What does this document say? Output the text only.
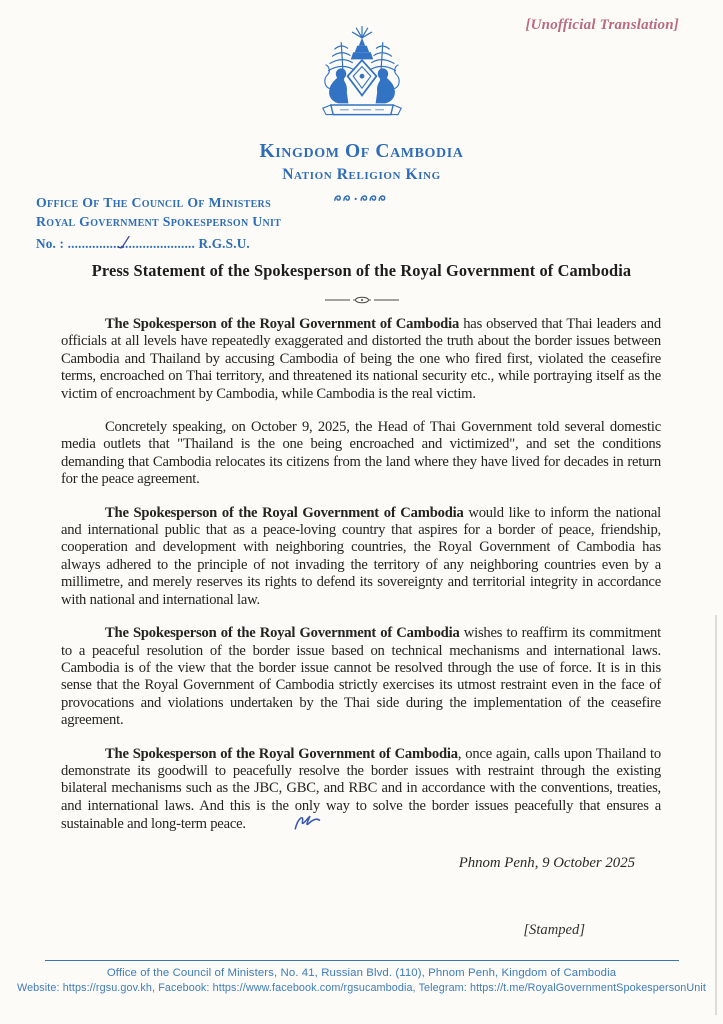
[Unofficial Translation]
Kingdom Of Cambodia
Nation Religion King
Office Of The Council Of Ministers
Royal Government Spokesperson Unit
No. : ..................................... R.G.S.U.
Press Statement of the Spokesperson of the Royal Government of Cambodia

The Spokesperson of the Royal Government of Cambodia has observed that Thai leaders and officials at all levels have repeatedly exaggerated and distorted the truth about the border issues between Cambodia and Thailand by accusing Cambodia of being the one who fired first, violated the ceasefire terms, encroached on Thai territory, and threatened its national security etc., while portraying itself as the victim of encroachment by Cambodia, while Cambodia is the real victim.

Concretely speaking, on October 9, 2025, the Head of Thai Government told several domestic media outlets that "Thailand is the one being encroached and victimized", and set the conditions demanding that Cambodia relocates its citizens from the land where they have lived for decades in return for the peace agreement.

The Spokesperson of the Royal Government of Cambodia would like to inform the national and international public that as a peace-loving country that aspires for a border of peace, friendship, cooperation and development with neighboring countries, the Royal Government of Cambodia has always adhered to the principle of not invading the territory of any neighboring countries even by a millimetre, and merely reserves its rights to defend its sovereignty and territorial integrity in accordance with national and international law.

The Spokesperson of the Royal Government of Cambodia wishes to reaffirm its commitment to a peaceful resolution of the border issue based on technical mechanisms and international laws. Cambodia is of the view that the border issue cannot be resolved through the use of force. It is in this sense that the Royal Government of Cambodia strictly exercises its utmost restraint even in the face of provocations and violations undertaken by the Thai side during the implementation of the ceasefire agreement.

The Spokesperson of the Royal Government of Cambodia, once again, calls upon Thailand to demonstrate its goodwill to peacefully resolve the border issues with restraint through the existing bilateral mechanisms such as the JBC, GBC, and RBC and in accordance with the conventions, treaties, and international laws. And this is the only way to solve the border issues peacefully that ensures a sustainable and long-term peace.

Phnom Penh, 9 October 2025
[Stamped]
Office of the Council of Ministers, No. 41, Russian Blvd. (110), Phnom Penh, Kingdom of Cambodia
Website: https://rgsu.gov.kh, Facebook: https://www.facebook.com/rgsucambodia, Telegram: https://t.me/RoyalGovernmentSpokespersonUnit
